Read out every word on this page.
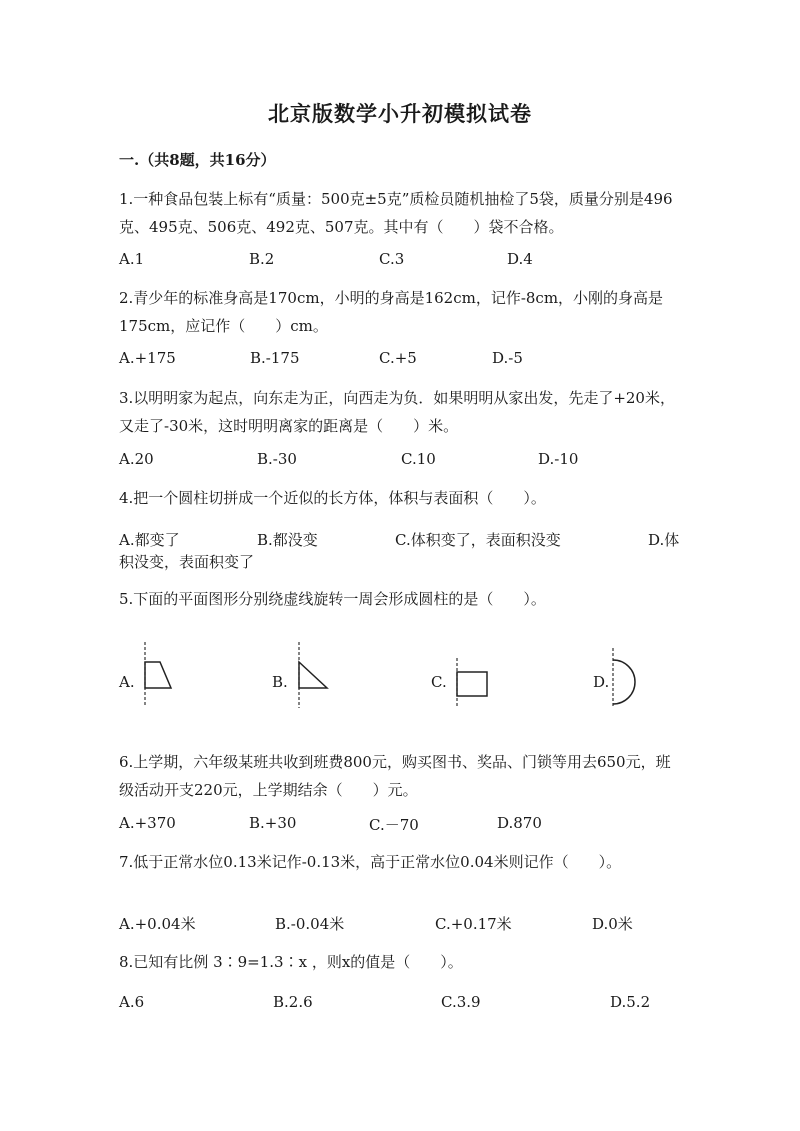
北京版数学小升初模拟试卷
一.（共8题，共16分）
1.一种食品包装上标有“质量：500克±5克”质检员随机抽检了5袋，质量分别是496克、495克、506克、492克、507克。其中有（　　）袋不合格。
A.1	B.2	C.3	D.4
2.青少年的标准身高是170cm，小明的身高是162cm，记作-8cm，小刚的身高是175cm，应记作（　　）cm。
A.+175	B.-175	C.+5	D.-5
3.以明明家为起点，向东走为正，向西走为负．如果明明从家出发，先走了+20米，又走了-30米，这时明明离家的距离是（　　）米。
A.20	B.-30	C.10	D.-10
4.把一个圆柱切拼成一个近似的长方体，体积与表面积（　　）。
A.都变了	B.都没变	C.体积变了，表面积没变	D.体
积没变，表面积变了
5.下面的平面图形分别绕虚线旋转一周会形成圆柱的是（　　）。
A.	B.	C.	D.
6.上学期，六年级某班共收到班费800元，购买图书、奖品、门锁等用去650元，班级活动开支220元，上学期结余（　　）元。
A.+370	B.+30	C.－70	D.870
7.低于正常水位0.13米记作-0.13米，高于正常水位0.04米则记作（　　）。
A.+0.04米	B.-0.04米	C.+0.17米	D.0米
8.已知有比例 3∶9=1.3∶x ，则x的值是（　　）。
A.6	B.2.6	C.3.9	D.5.2
